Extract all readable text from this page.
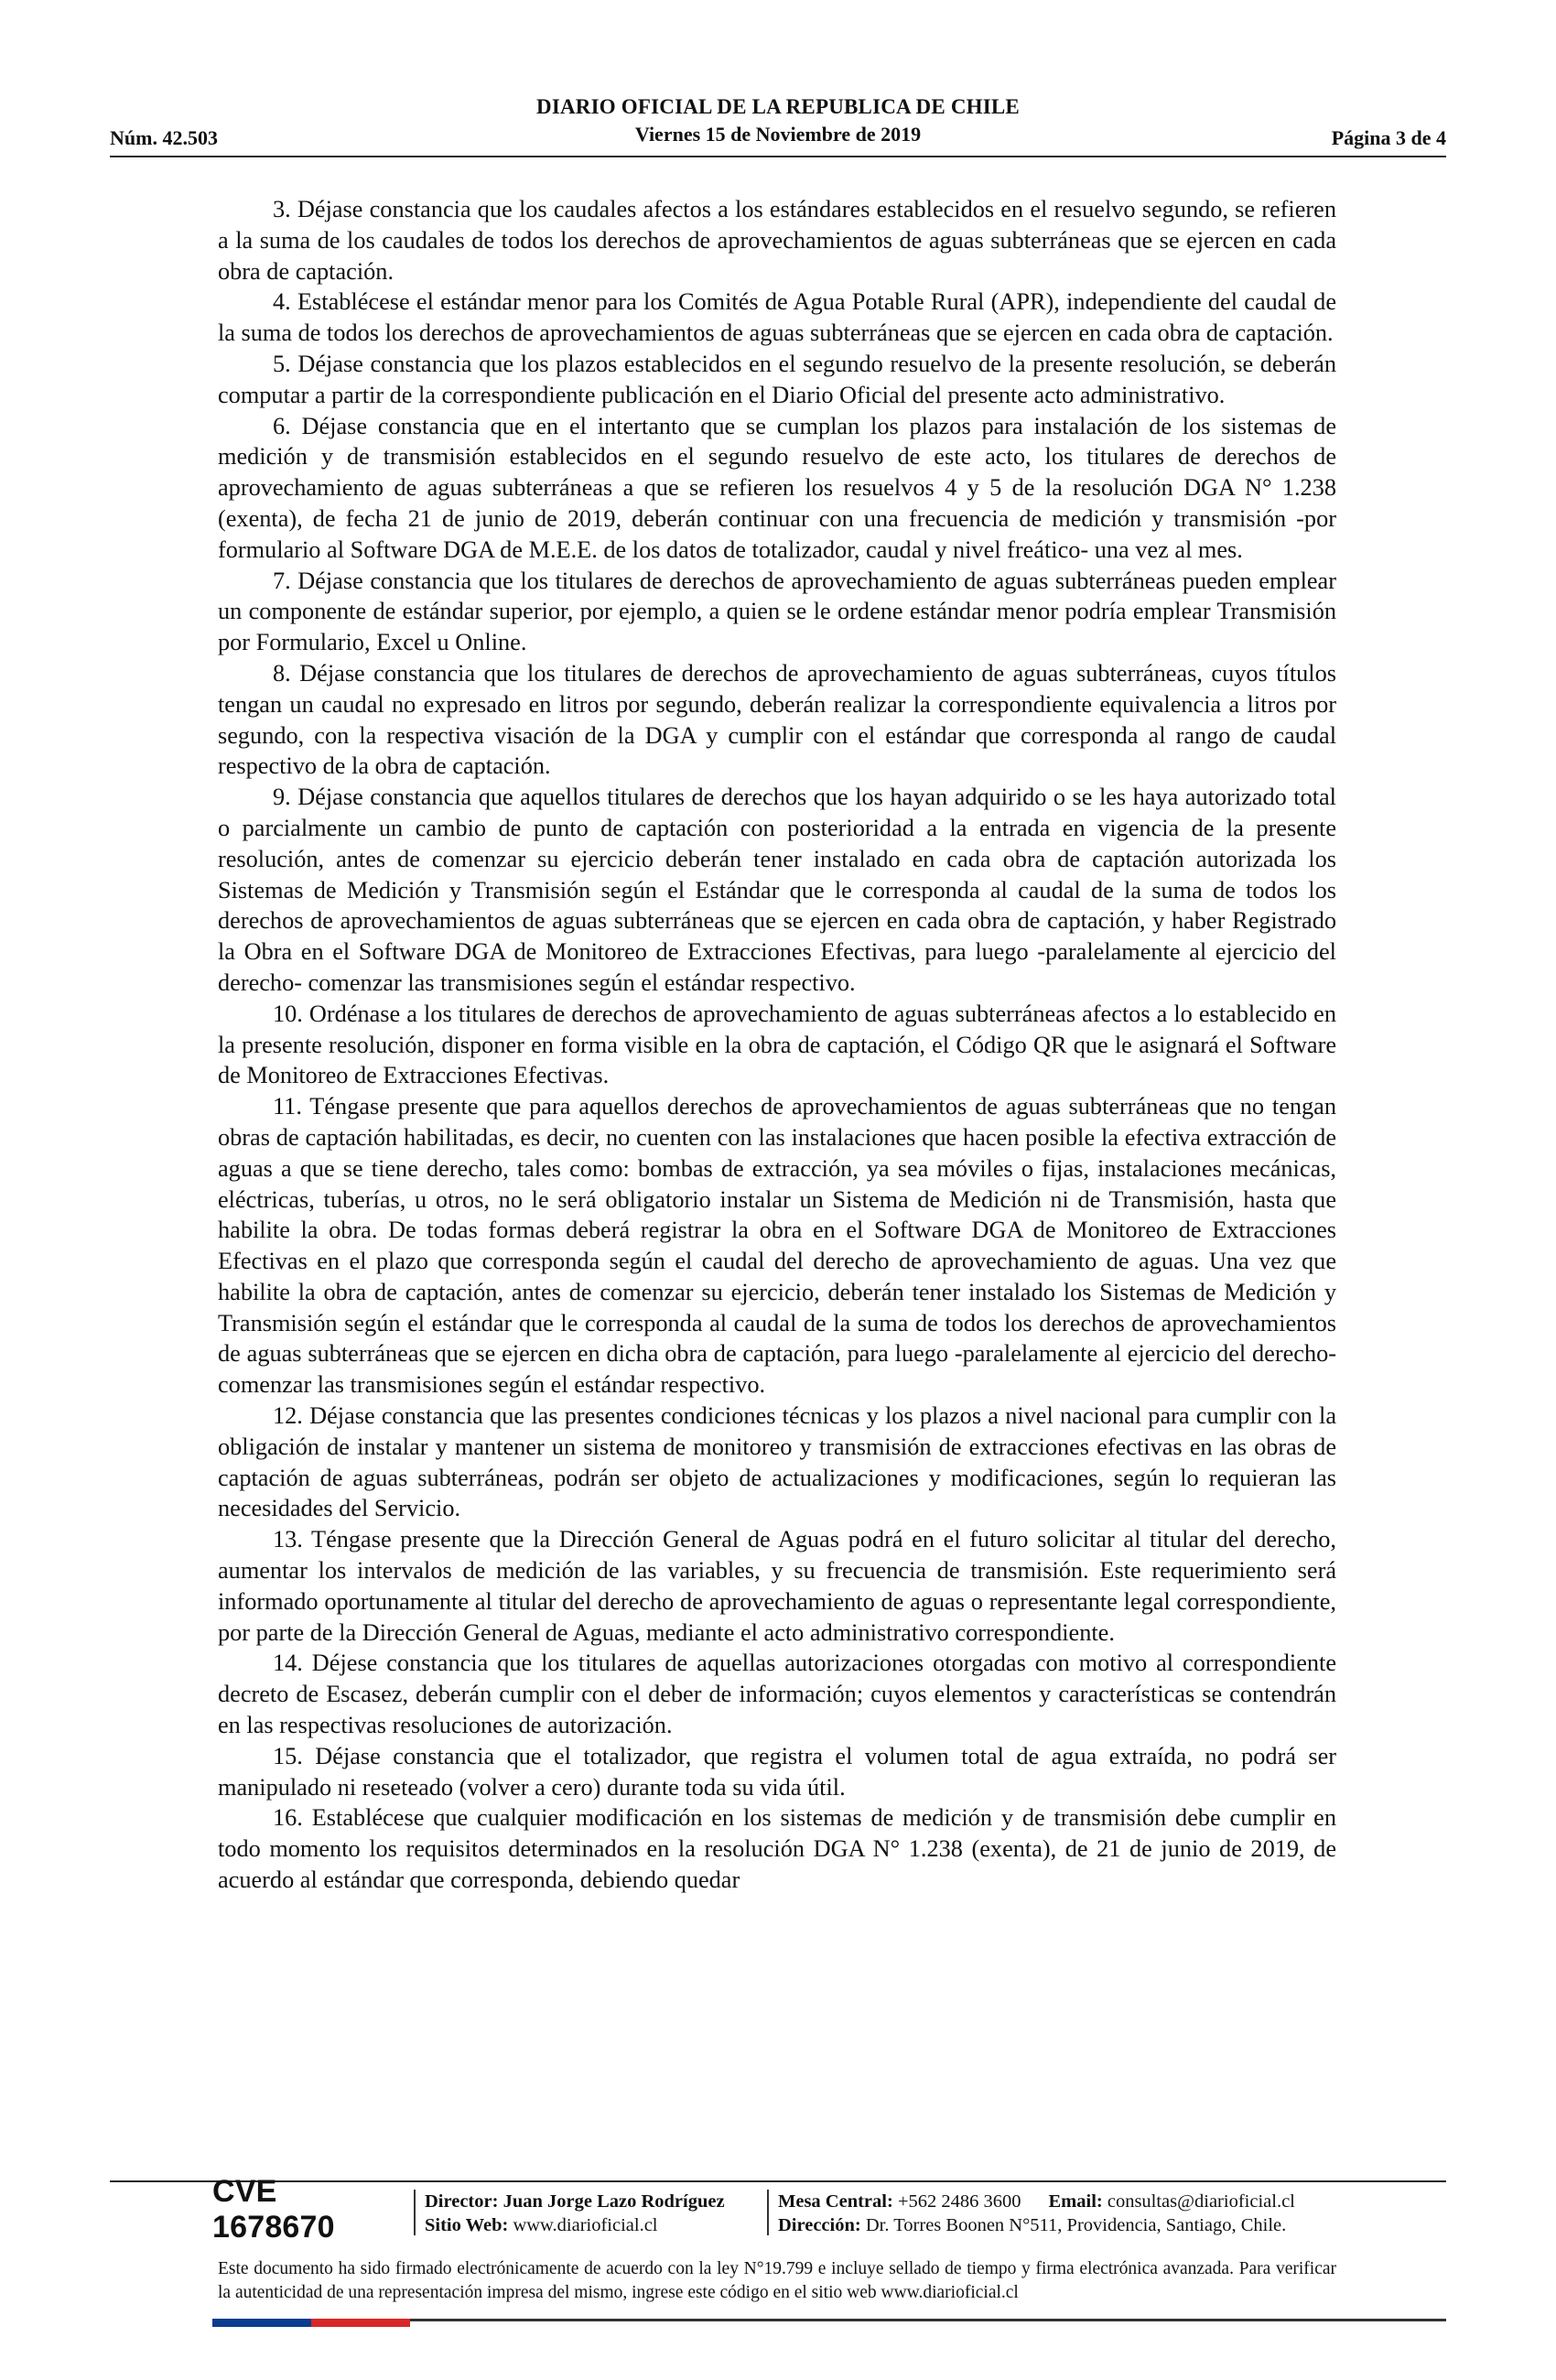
Núm. 42.503
DIARIO OFICIAL DE LA REPUBLICA DE CHILE
Viernes 15 de Noviembre de 2019	Página 3 de 4

3. Déjase constancia que los caudales afectos a los estándares establecidos en el resuelvo segundo, se refieren a la suma de los caudales de todos los derechos de aprovechamientos de aguas subterráneas que se ejercen en cada obra de captación.

4. Establécese el estándar menor para los Comités de Agua Potable Rural (APR), independiente del caudal de la suma de todos los derechos de aprovechamientos de aguas subterráneas que se ejercen en cada obra de captación.

5. Déjase constancia que los plazos establecidos en el segundo resuelvo de la presente resolución, se deberán computar a partir de la correspondiente publicación en el Diario Oficial del presente acto administrativo.

6. Déjase constancia que en el intertanto que se cumplan los plazos para instalación de los sistemas de medición y de transmisión establecidos en el segundo resuelvo de este acto, los titulares de derechos de aprovechamiento de aguas subterráneas a que se refieren los resuelvos 4 y 5 de la resolución DGA N° 1.238 (exenta), de fecha 21 de junio de 2019, deberán continuar con una frecuencia de medición y transmisión -por formulario al Software DGA de M.E.E. de los datos de totalizador, caudal y nivel freático- una vez al mes.

7. Déjase constancia que los titulares de derechos de aprovechamiento de aguas subterráneas pueden emplear un componente de estándar superior, por ejemplo, a quien se le ordene estándar menor podría emplear Transmisión por Formulario, Excel u Online.

8. Déjase constancia que los titulares de derechos de aprovechamiento de aguas subterráneas, cuyos títulos tengan un caudal no expresado en litros por segundo, deberán realizar la correspondiente equivalencia a litros por segundo, con la respectiva visación de la DGA y cumplir con el estándar que corresponda al rango de caudal respectivo de la obra de captación.

9. Déjase constancia que aquellos titulares de derechos que los hayan adquirido o se les haya autorizado total o parcialmente un cambio de punto de captación con posterioridad a la entrada en vigencia de la presente resolución, antes de comenzar su ejercicio deberán tener instalado en cada obra de captación autorizada los Sistemas de Medición y Transmisión según el Estándar que le corresponda al caudal de la suma de todos los derechos de aprovechamientos de aguas subterráneas que se ejercen en cada obra de captación, y haber Registrado la Obra en el Software DGA de Monitoreo de Extracciones Efectivas, para luego -paralelamente al ejercicio del derecho- comenzar las transmisiones según el estándar respectivo.

10. Ordénase a los titulares de derechos de aprovechamiento de aguas subterráneas afectos a lo establecido en la presente resolución, disponer en forma visible en la obra de captación, el Código QR que le asignará el Software de Monitoreo de Extracciones Efectivas.

11. Téngase presente que para aquellos derechos de aprovechamientos de aguas subterráneas que no tengan obras de captación habilitadas, es decir, no cuenten con las instalaciones que hacen posible la efectiva extracción de aguas a que se tiene derecho, tales como: bombas de extracción, ya sea móviles o fijas, instalaciones mecánicas, eléctricas, tuberías, u otros, no le será obligatorio instalar un Sistema de Medición ni de Transmisión, hasta que habilite la obra. De todas formas deberá registrar la obra en el Software DGA de Monitoreo de Extracciones Efectivas en el plazo que corresponda según el caudal del derecho de aprovechamiento de aguas. Una vez que habilite la obra de captación, antes de comenzar su ejercicio, deberán tener instalado los Sistemas de Medición y Transmisión según el estándar que le corresponda al caudal de la suma de todos los derechos de aprovechamientos de aguas subterráneas que se ejercen en dicha obra de captación, para luego -paralelamente al ejercicio del derecho- comenzar las transmisiones según el estándar respectivo.

12. Déjase constancia que las presentes condiciones técnicas y los plazos a nivel nacional para cumplir con la obligación de instalar y mantener un sistema de monitoreo y transmisión de extracciones efectivas en las obras de captación de aguas subterráneas, podrán ser objeto de actualizaciones y modificaciones, según lo requieran las necesidades del Servicio.

13. Téngase presente que la Dirección General de Aguas podrá en el futuro solicitar al titular del derecho, aumentar los intervalos de medición de las variables, y su frecuencia de transmisión. Este requerimiento será informado oportunamente al titular del derecho de aprovechamiento de aguas o representante legal correspondiente, por parte de la Dirección General de Aguas, mediante el acto administrativo correspondiente.

14. Déjese constancia que los titulares de aquellas autorizaciones otorgadas con motivo al correspondiente decreto de Escasez, deberán cumplir con el deber de información; cuyos elementos y características se contendrán en las respectivas resoluciones de autorización.

15. Déjase constancia que el totalizador, que registra el volumen total de agua extraída, no podrá ser manipulado ni reseteado (volver a cero) durante toda su vida útil.

16. Establécese que cualquier modificación en los sistemas de medición y de transmisión debe cumplir en todo momento los requisitos determinados en la resolución DGA N° 1.238 (exenta), de 21 de junio de 2019, de acuerdo al estándar que corresponda, debiendo quedar

CVE 1678670
Director: Juan Jorge Lazo Rodríguez
Sitio Web: www.diarioficial.cl
Mesa Central: +562 2486 3600 Email: consultas@diarioficial.cl
Dirección: Dr. Torres Boonen N°511, Providencia, Santiago, Chile.
Este documento ha sido firmado electrónicamente de acuerdo con la ley N°19.799 e incluye sellado de tiempo y firma electrónica avanzada. Para verificar la autenticidad de una representación impresa del mismo, ingrese este código en el sitio web www.diarioficial.cl
